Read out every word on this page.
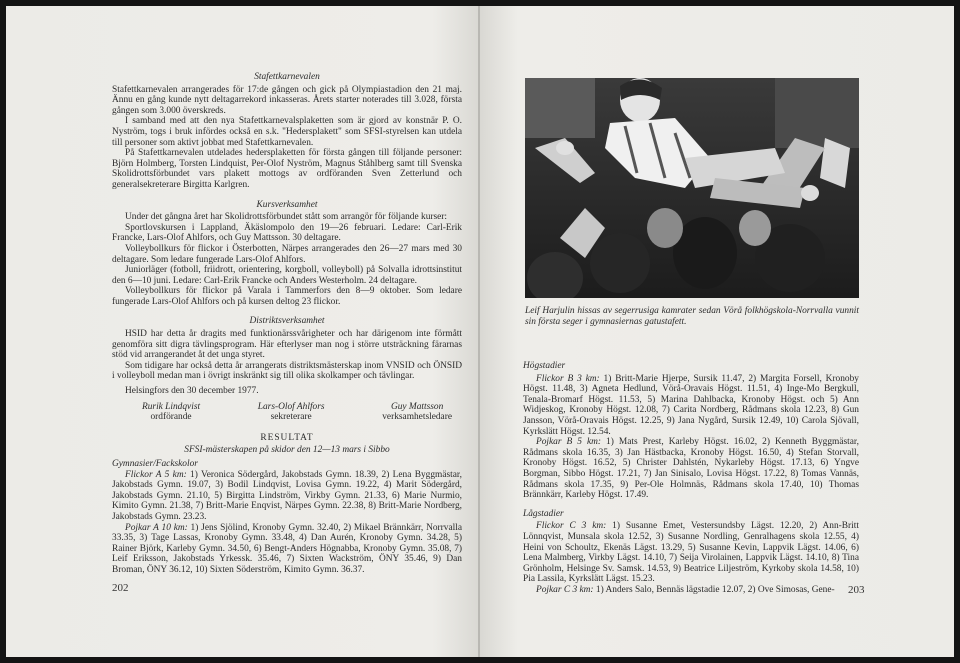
Stafettkarnevalen

Stafettkarnevalen arrangerades för 17:de gången och gick på Olympiastadion den 21 maj. Ännu en gång kunde nytt deltagarrekord inkasseras. Årets starter noterades till 3.028, första gången som 3.000 överskreds.

I samband med att den nya Stafettkarnevalsplaketten som är gjord av konstnär P. O. Nyström, togs i bruk infördes också en s.k. "Hedersplakett" som SFSI-styrelsen kan utdela till personer som aktivt jobbat med Stafettkarnevalen.

På Stafettkarnevalen utdelades hedersplaketten för första gången till följande personer: Björn Holmberg, Torsten Lindquist, Per-Olof Nyström, Magnus Ståhlberg samt till Svenska Skolidrottsförbundet vars plakett mottogs av ordföranden Sven Zetterlund och generalsekreterare Birgitta Karlgren.

Kursverksamhet

Under det gångna året har Skolidrottsförbundet stått som arrangör för följande kurser:

Sportlovskursen i Lappland, Äkäslompolo den 19—26 februari. Ledare: Carl-Erik Francke, Lars-Olof Ahlfors, och Guy Mattsson. 30 deltagare.

Volleybollkurs för flickor i Österbotten, Närpes arrangerades den 26—27 mars med 30 deltagare. Som ledare fungerade Lars-Olof Ahlfors.

Juniorläger (fotboll, friidrott, orientering, korgboll, volleyboll) på Solvalla idrottsinstitut den 6—10 juni. Ledare: Carl-Erik Francke och Anders Westerholm. 24 deltagare.

Volleybollkurs för flickor på Varala i Tammerfors den 8—9 oktober. Som ledare fungerade Lars-Olof Ahlfors och på kursen deltog 23 flickor.

Distriktsverksamhet

HSID har detta år dragits med funktionärssvårigheter och har därigenom inte förmått genomföra sitt digra tävlingsprogram. Här efterlyser man nog i större utsträckning färarnas stöd vid arrangerandet åt det unga styret.

Som tidigare har också detta år arrangerats distriktsmästerskap inom VNSID och ÖNSID i volleyboll medan man i övrigt inskränkt sig till olika skolkamper och tävlingar.

Helsingfors den 30 december 1977.

Rurik Lindqvist
ordförande
Lars-Olof Ahlfors
sekreterare
Guy Mattsson
verksamhetsledare
RESULTAT
SFSI-mästerskapen på skidor den 12—13 mars i Sibbo
Gymnasier/Fackskolor

Flickor A 5 km: 1) Veronica Södergård, Jakobstads Gymn. 18.39, 2) Lena Byggmästar, Jakobstads Gymn. 19.07, 3) Bodil Lindqvist, Lovisa Gymn. 19.22, 4) Marit Södergård, Jakobstads Gymn. 21.10, 5) Birgitta Lindström, Virkby Gymn. 21.33, 6) Marie Nurmio, Kimito Gymn. 21.38, 7) Britt-Marie Enqvist, Närpes Gymn. 22.38, 8) Britt-Marie Nordberg, Jakobstads Gymn. 23.23.

Pojkar A 10 km: 1) Jens Sjölind, Kronoby Gymn. 32.40, 2) Mikael Brännkärr, Norrvalla 33.35, 3) Tage Lassas, Kronoby Gymn. 33.48, 4) Dan Aurén, Kronoby Gymn. 34.28, 5) Rainer Björk, Karleby Gymn. 34.50, 6) Bengt-Anders Högnabba, Kronoby Gymn. 35.08, 7) Leif Eriksson, Jakobstads Yrkessk. 35.46, 7) Sixten Wackström, ÖNY 35.46, 9) Dan Broman, ÖNY 36.12, 10) Sixten Söderström, Kimito Gymn. 36.37.

202
Leif Harjulin hissas av segerrusiga kamrater sedan Vörå folkhögskola-Norrvalla vunnit sin första seger i gymnasiernas gatustafett.
Högstadier

Flickor B 3 km: 1) Britt-Marie Hjerpe, Sursik 11.47, 2) Margita Forsell, Kronoby Högst. 11.48, 3) Agneta Hedlund, Vörå-Oravais Högst. 11.51, 4) Inge-Mo Bergkull, Tenala-Bromarf Högst. 11.53, 5) Marina Dahlbacka, Kronoby Högst. och 5) Ann Widjeskog, Kronoby Högst. 12.08, 7) Carita Nordberg, Rådmans skola 12.23, 8) Gun Jansson, Vörå-Oravais Högst. 12.25, 9) Jana Nygård, Sursik 12.49, 10) Carola Sjövall, Kyrkslätt Högst. 12.54.

Pojkar B 5 km: 1) Mats Prest, Karleby Högst. 16.02, 2) Kenneth Byggmästar, Rådmans skola 16.35, 3) Jan Hästbacka, Kronoby Högst. 16.50, 4) Stefan Storvall, Kronoby Högst. 16.52, 5) Christer Dahlstén, Nykarleby Högst. 17.13, 6) Yngve Borgman, Sibbo Högst. 17.21, 7) Jan Sinisalo, Lovisa Högst. 17.22, 8) Tomas Vannäs, Rådmans skola 17.35, 9) Per-Ole Holmnäs, Rådmans skola 17.40, 10) Thomas Brännkärr, Karleby Högst. 17.49.

Lågstadier

Flickor C 3 km: 1) Susanne Emet, Vestersundsby Lägst. 12.20, 2) Ann-Britt Lönnqvist, Munsala skola 12.52, 3) Susanne Nordling, Genralhagens skola 12.55, 4) Heini von Schoultz, Ekenäs Lägst. 13.29, 5) Susanne Kevin, Lappvik Lägst. 14.06, 6) Lena Malmberg, Virkby Lägst. 14.10, 7) Seija Virolainen, Lappvik Lägst. 14.10, 8) Tina Grönholm, Helsinge Sv. Samsk. 14.53, 9) Beatrice Liljeström, Kyrkoby skola 14.58, 10) Pia Lassila, Kyrkslätt Lägst. 15.23.

Pojkar C 3 km: 1) Anders Salo, Bennäs lägstadie 12.07, 2) Ove Simosas, Gene-	203
